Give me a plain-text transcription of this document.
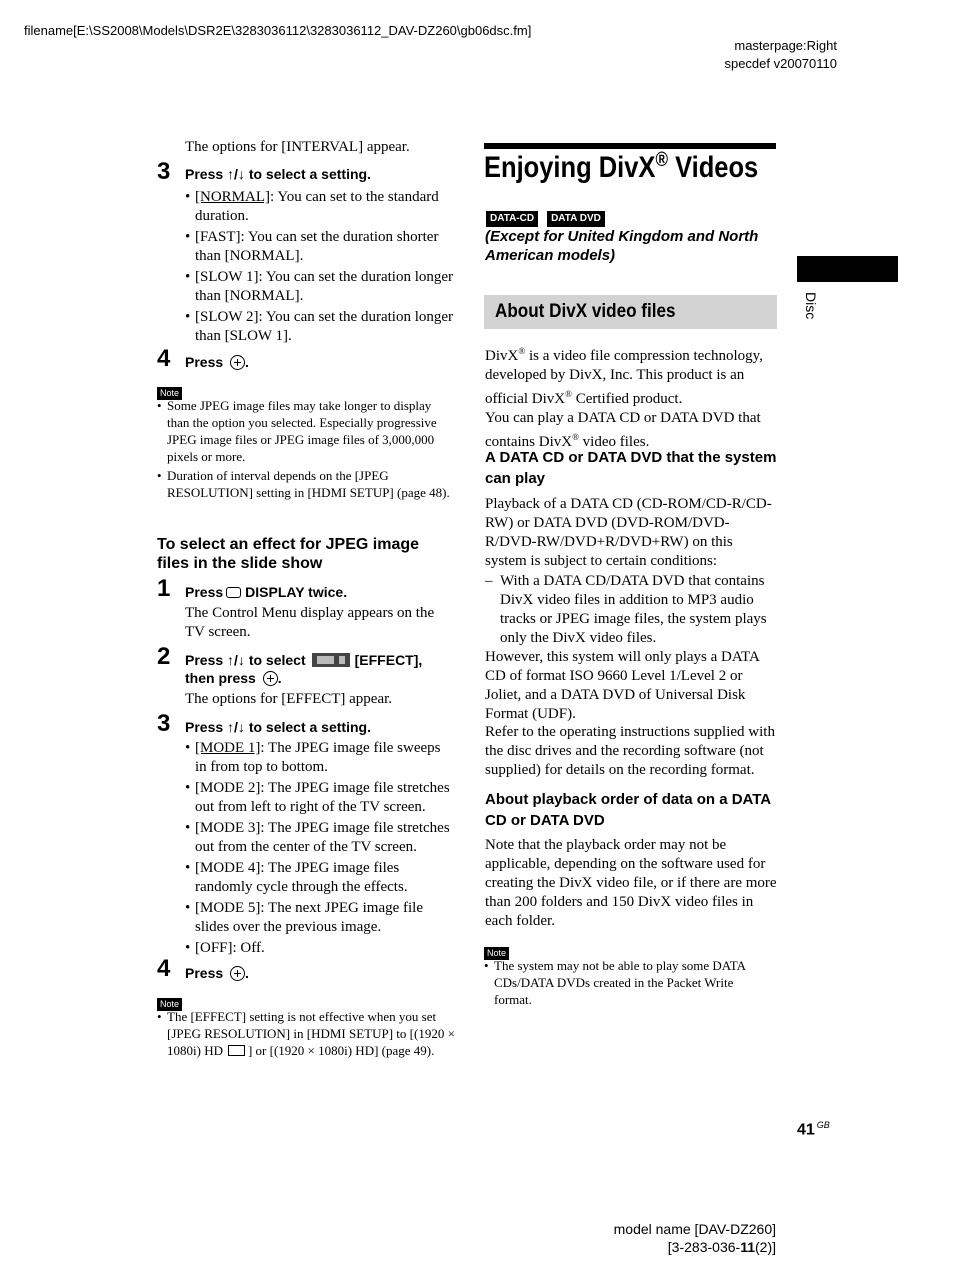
filename[E:\SS2008\Models\DSR2E\3283036112\3283036112_DAV-DZ260\gb06dsc.fm]
masterpage:Right
specdef v20070110
The options for [INTERVAL] appear.
3 Press ↑/↓ to select a setting.
• [NORMAL]: You can set to the standard duration.
• [FAST]: You can set the duration shorter than [NORMAL].
• [SLOW 1]: You can set the duration longer than [NORMAL].
• [SLOW 2]: You can set the duration longer than [SLOW 1].
4 Press .
Note
• Some JPEG image files may take longer to display than the option you selected. Especially progressive JPEG image files or JPEG image files of 3,000,000 pixels or more.
• Duration of interval depends on the [JPEG RESOLUTION] setting in [HDMI SETUP] (page 48).
To select an effect for JPEG image files in the slide show
1 Press DISPLAY twice.
The Control Menu display appears on the TV screen.
2 Press ↑/↓ to select	[EFFECT],
then press .
The options for [EFFECT] appear.
3 Press ↑/↓ to select a setting.
• [MODE 1]: The JPEG image file sweeps in from top to bottom.
• [MODE 2]: The JPEG image file stretches out from left to right of the TV screen.
• [MODE 3]: The JPEG image file stretches out from the center of the TV screen.
• [MODE 4]: The JPEG image files randomly cycle through the effects.
• [MODE 5]: The next JPEG image file slides over the previous image.
• [OFF]: Off.
4 Press .
Note
• The [EFFECT] setting is not effective when you set [JPEG RESOLUTION] in [HDMI SETUP] to [(1920 × 1080i) HD ] or [(1920 × 1080i) HD] (page 49).
Enjoying DivX® Videos
DATA-CD DATA DVD
(Except for United Kingdom and North American models)
About DivX video files
DivX® is a video file compression technology, developed by DivX, Inc. This product is an official DivX® Certified product.
You can play a DATA CD or DATA DVD that contains DivX® video files.
A DATA CD or DATA DVD that the system can play
Playback of a DATA CD (CD-ROM/CD-R/CD-RW) or DATA DVD (DVD-ROM/DVD-R/DVD-RW/DVD+R/DVD+RW) on this system is subject to certain conditions:
– With a DATA CD/DATA DVD that contains DivX video files in addition to MP3 audio tracks or JPEG image files, the system plays only the DivX video files.
However, this system will only plays a DATA CD of format ISO 9660 Level 1/Level 2 or Joliet, and a DATA DVD of Universal Disk Format (UDF).
Refer to the operating instructions supplied with the disc drives and the recording software (not supplied) for details on the recording format.
About playback order of data on a DATA CD or DATA DVD
Note that the playback order may not be applicable, depending on the software used for creating the DivX video file, or if there are more than 200 folders and 150 DivX video files in each folder.
Note
• The system may not be able to play some DATA CDs/DATA DVDs created in the Packet Write format.
Disc
41 $^{GB}$
model name [DAV-DZ260]
[3-283-036-11(2)]
